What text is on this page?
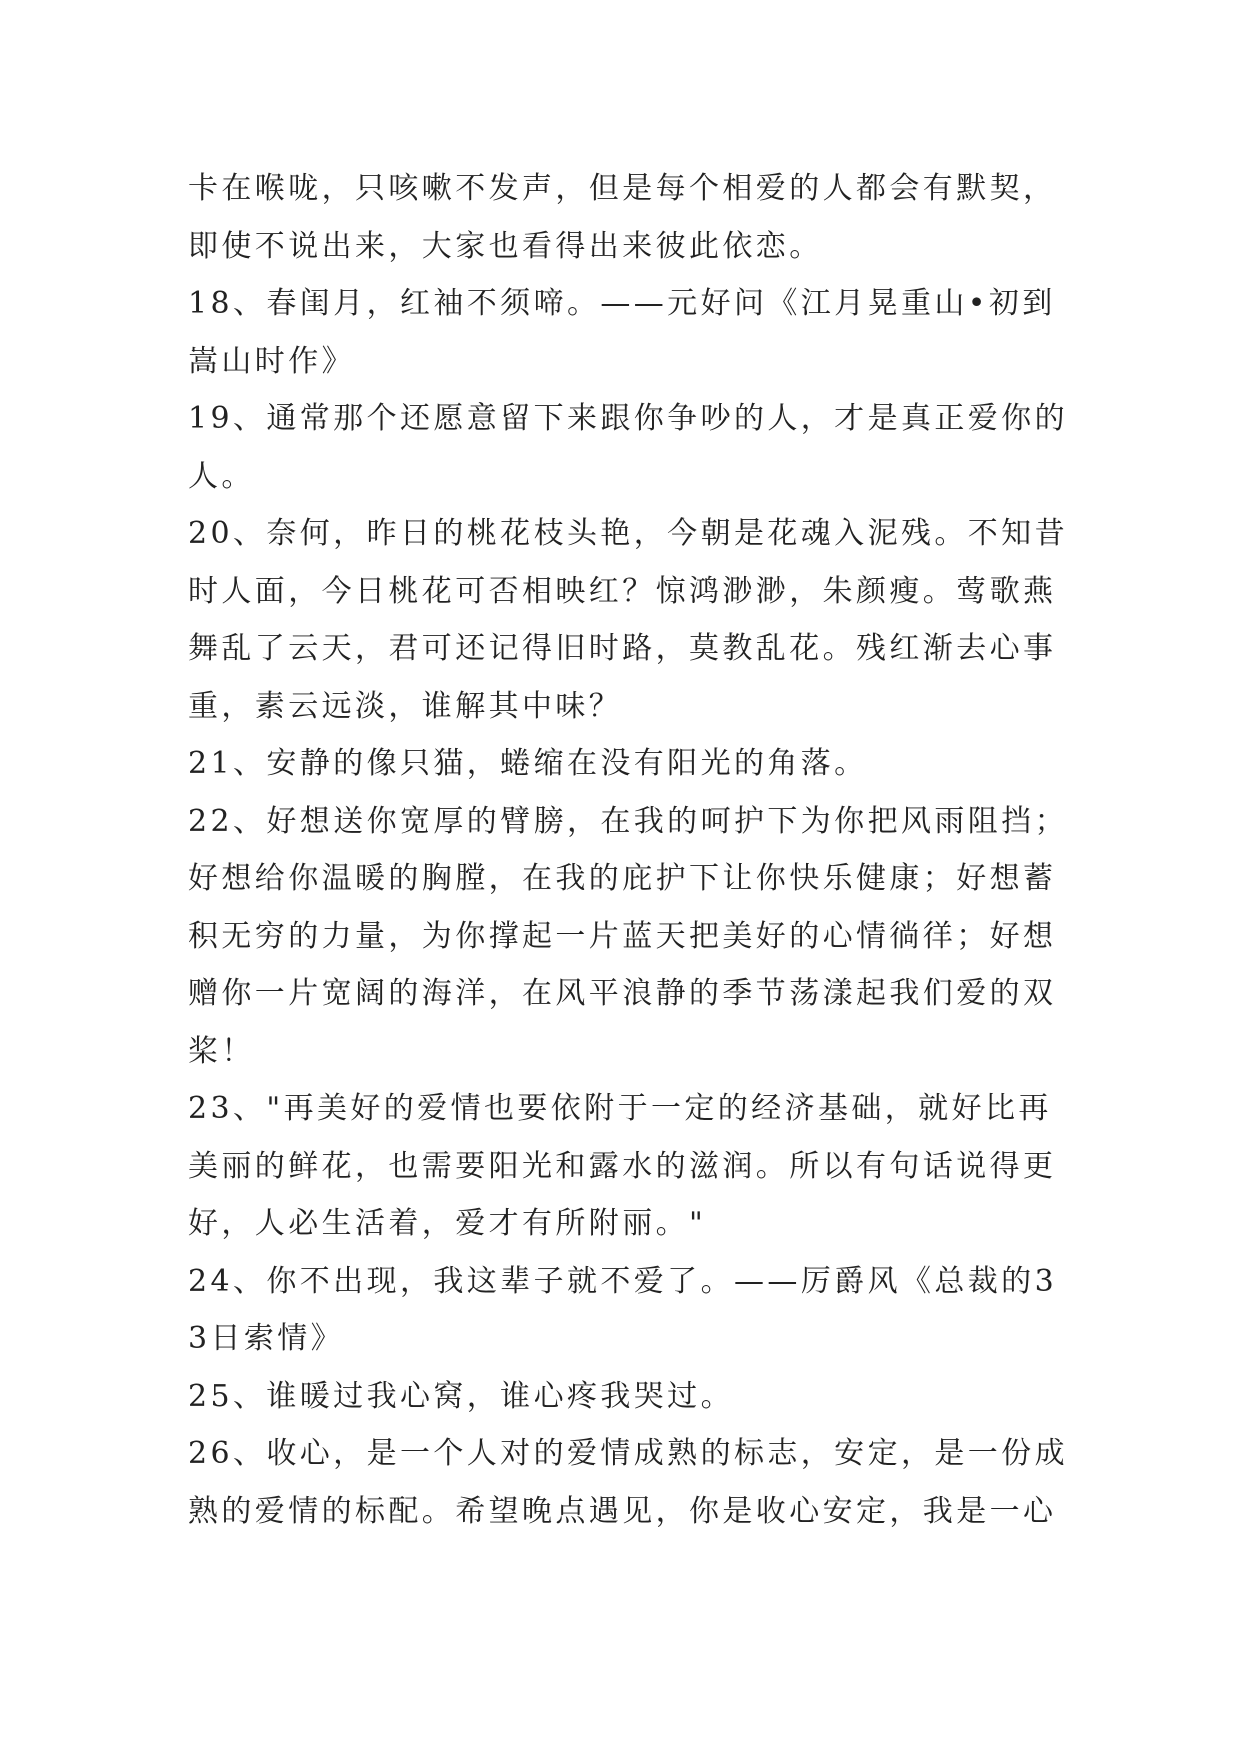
卡在喉咙，只咳嗽不发声，但是每个相爱的人都会有默契，即使不说出来，大家也看得出来彼此依恋。

18、春闺月，红袖不须啼。——元好问《江月晃重山•初到嵩山时作》

19、通常那个还愿意留下来跟你争吵的人，才是真正爱你的人。

20、奈何，昨日的桃花枝头艳，今朝是花魂入泥残。不知昔时人面，今日桃花可否相映红？惊鸿渺渺，朱颜瘦。莺歌燕舞乱了云天，君可还记得旧时路，莫教乱花。残红渐去心事重，素云远淡，谁解其中味？

21、安静的像只猫，蜷缩在没有阳光的角落。

22、好想送你宽厚的臂膀，在我的呵护下为你把风雨阻挡；好想给你温暖的胸膛，在我的庇护下让你快乐健康；好想蓄积无穷的力量，为你撑起一片蓝天把美好的心情徜徉；好想赠你一片宽阔的海洋，在风平浪静的季节荡漾起我们爱的双桨！

23、"再美好的爱情也要依附于一定的经济基础，就好比再美丽的鲜花，也需要阳光和露水的滋润。所以有句话说得更好，人必生活着，爱才有所附丽。"

24、你不出现，我这辈子就不爱了。——厉爵风《总裁的33日索情》

25、谁暖过我心窝，谁心疼我哭过。

26、收心，是一个人对的爱情成熟的标志，安定，是一份成熟的爱情的标配。希望晚点遇见，你是收心安定，我是一心
